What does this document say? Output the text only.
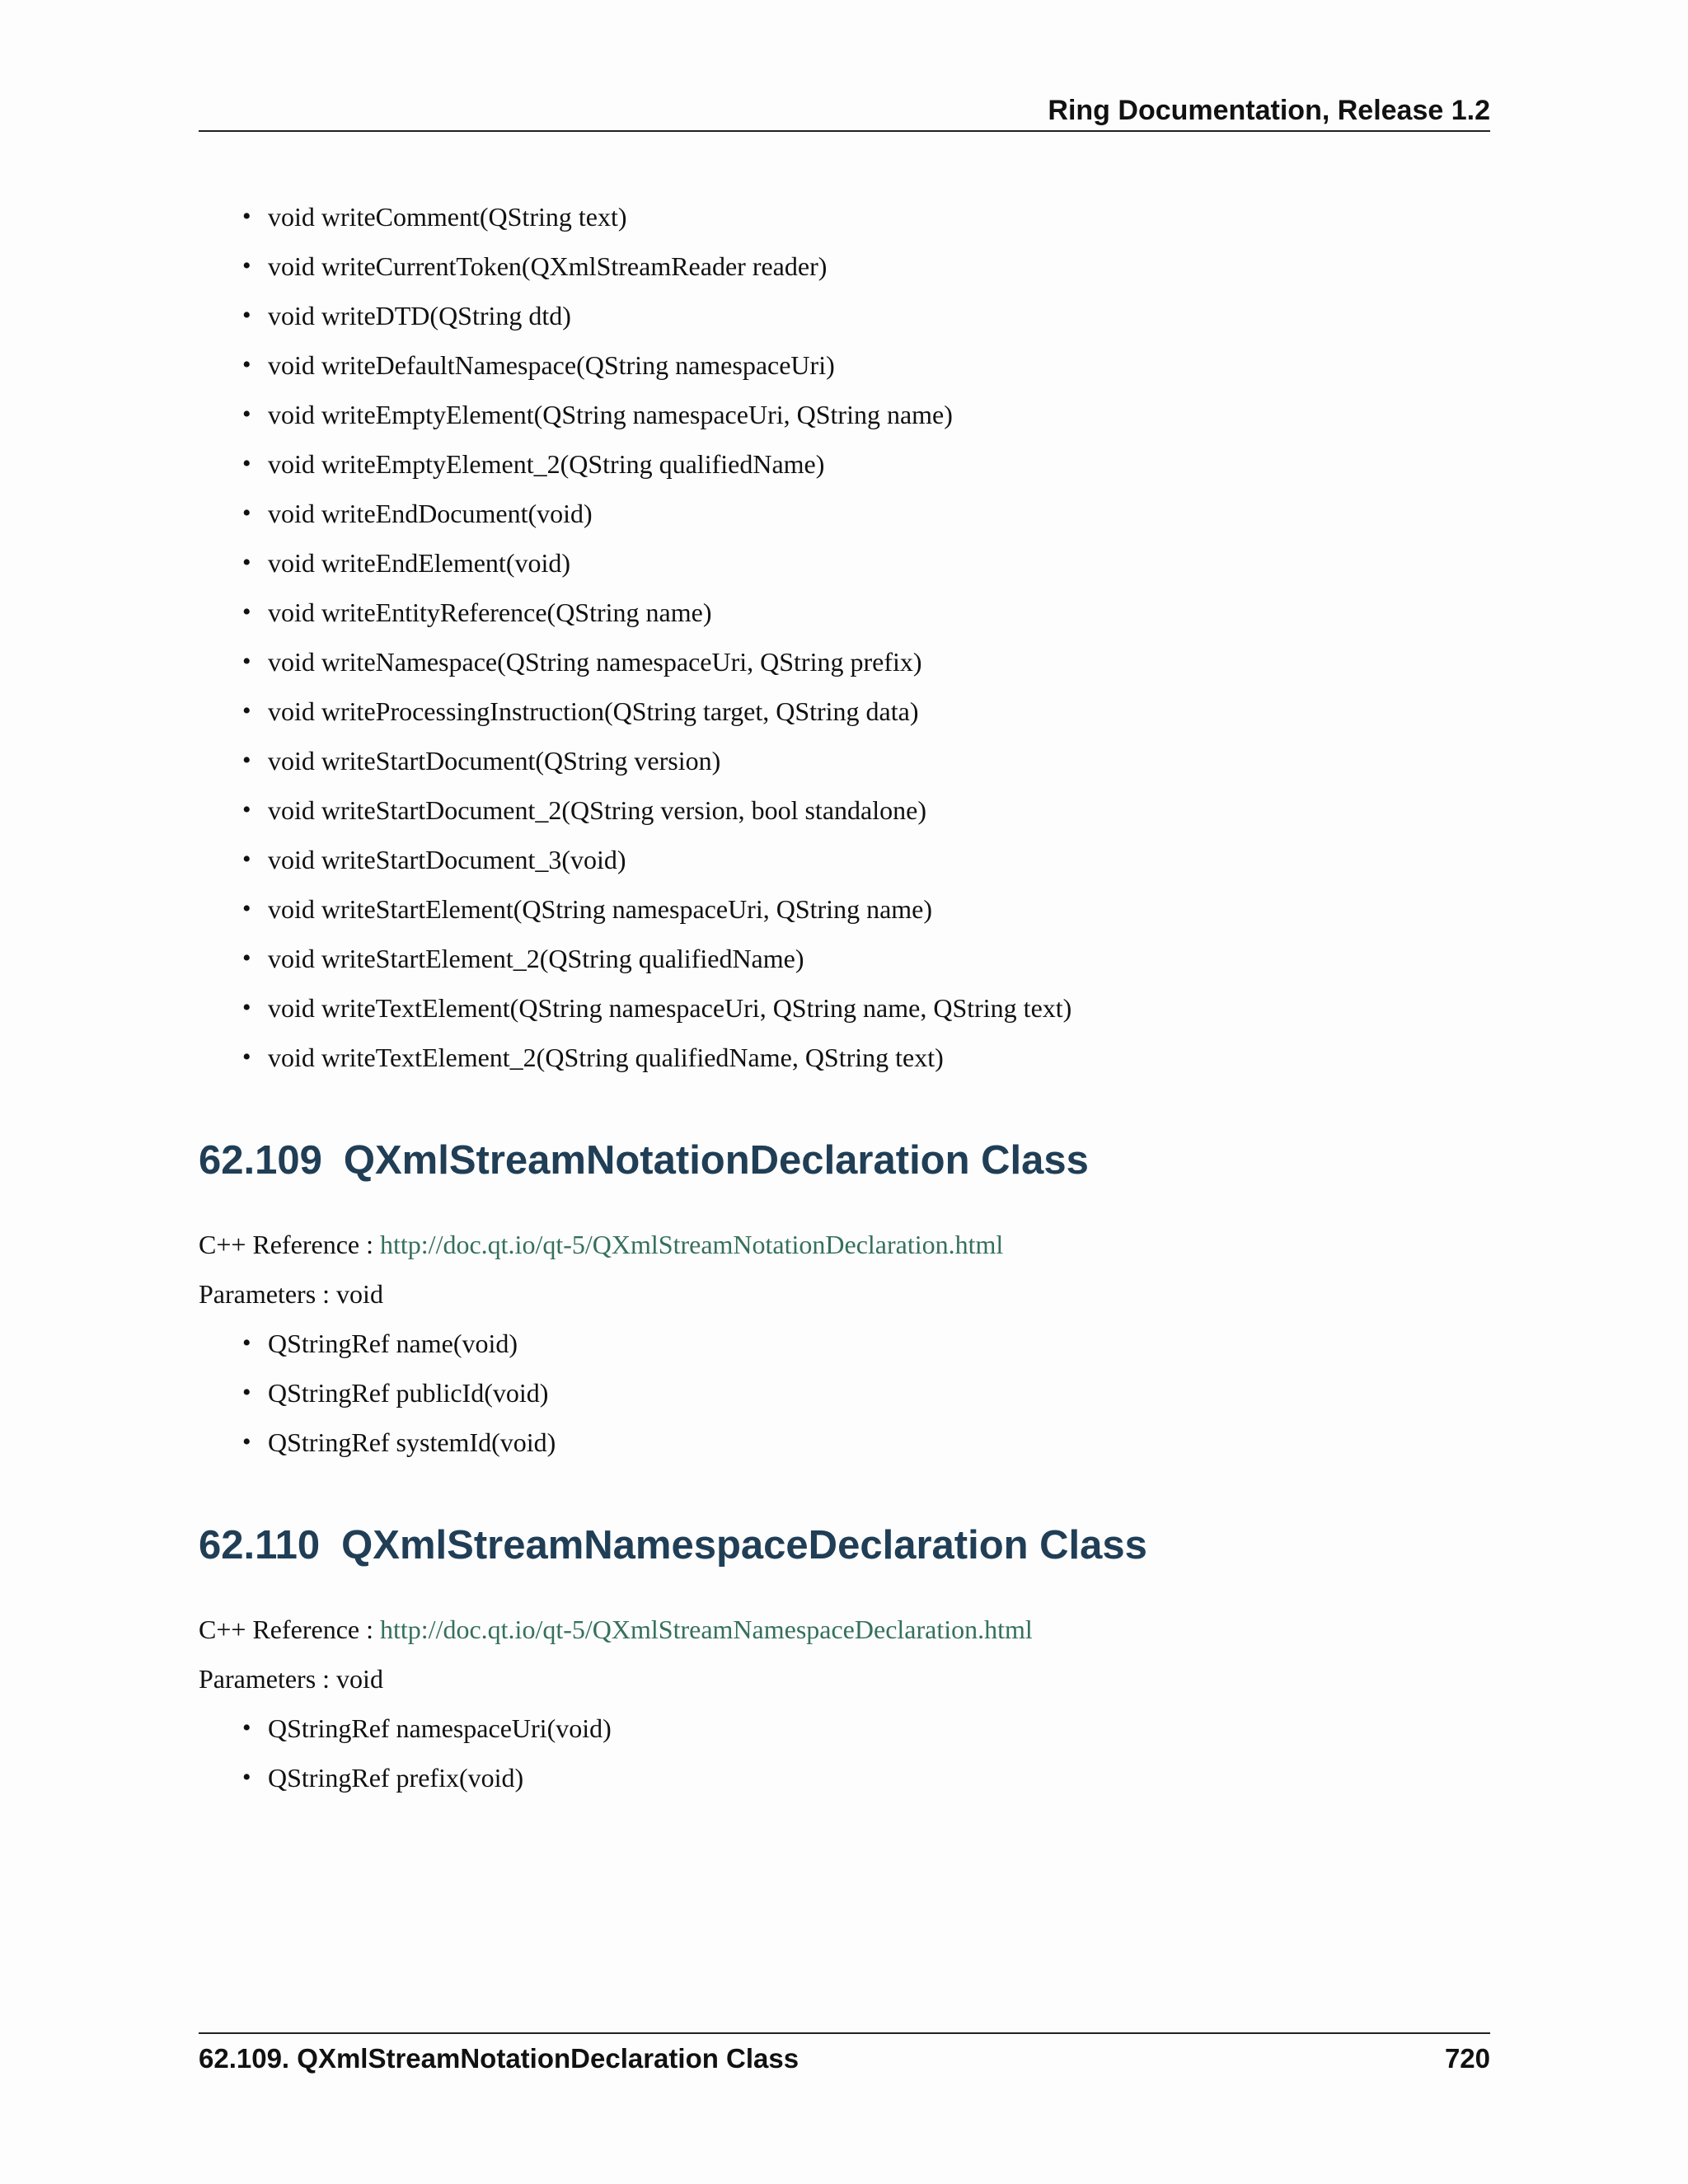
Ring Documentation, Release 1.2
• void writeComment(QString text)
• void writeCurrentToken(QXmlStreamReader reader)
• void writeDTD(QString dtd)
• void writeDefaultNamespace(QString namespaceUri)
• void writeEmptyElement(QString namespaceUri, QString name)
• void writeEmptyElement_2(QString qualifiedName)
• void writeEndDocument(void)
• void writeEndElement(void)
• void writeEntityReference(QString name)
• void writeNamespace(QString namespaceUri, QString prefix)
• void writeProcessingInstruction(QString target, QString data)
• void writeStartDocument(QString version)
• void writeStartDocument_2(QString version, bool standalone)
• void writeStartDocument_3(void)
• void writeStartElement(QString namespaceUri, QString name)
• void writeStartElement_2(QString qualifiedName)
• void writeTextElement(QString namespaceUri, QString name, QString text)
• void writeTextElement_2(QString qualifiedName, QString text)
62.109 QXmlStreamNotationDeclaration Class
C++ Reference : http://doc.qt.io/qt-5/QXmlStreamNotationDeclaration.html
Parameters : void
• QStringRef name(void)
• QStringRef publicId(void)
• QStringRef systemId(void)
62.110 QXmlStreamNamespaceDeclaration Class
C++ Reference : http://doc.qt.io/qt-5/QXmlStreamNamespaceDeclaration.html
Parameters : void
• QStringRef namespaceUri(void)
• QStringRef prefix(void)
62.109. QXmlStreamNotationDeclaration Class	720
